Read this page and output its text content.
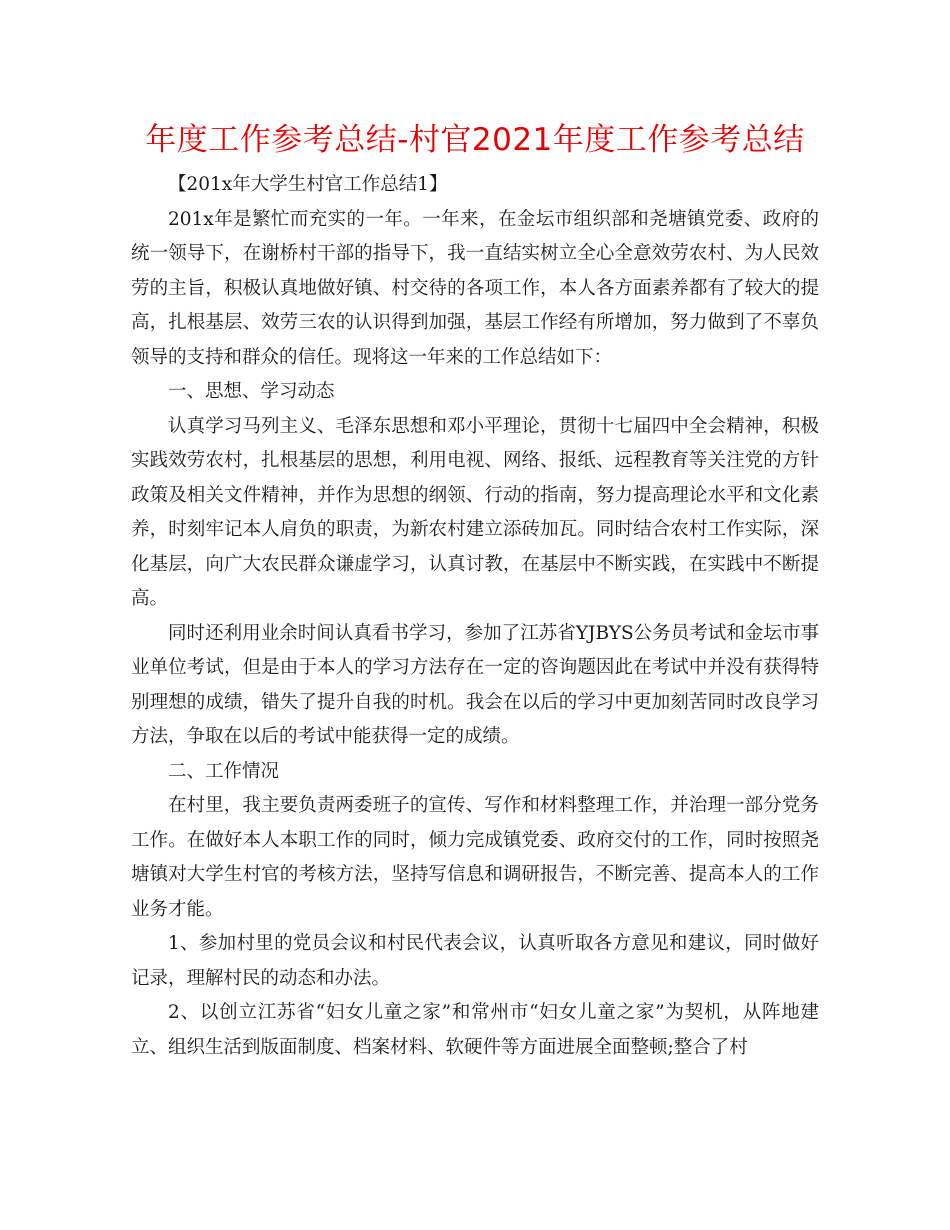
年度工作参考总结-村官2021年度工作参考总结

【201x年大学生村官工作总结1】

201x年是繁忙而充实的一年。一年来，在金坛市组织部和尧塘镇党委、政府的统一领导下，在谢桥村干部的指导下，我一直结实树立全心全意效劳农村、为人民效劳的主旨，积极认真地做好镇、村交待的各项工作，本人各方面素养都有了较大的提高，扎根基层、效劳三农的认识得到加强，基层工作经有所增加，努力做到了不辜负领导的支持和群众的信任。现将这一年来的工作总结如下：

一、思想、学习动态

认真学习马列主义、毛泽东思想和邓小平理论，贯彻十七届四中全会精神，积极实践效劳农村，扎根基层的思想，利用电视、网络、报纸、远程教育等关注党的方针政策及相关文件精神，并作为思想的纲领、行动的指南，努力提高理论水平和文化素养，时刻牢记本人肩负的职责，为新农村建立添砖加瓦。同时结合农村工作实际，深化基层，向广大农民群众谦虚学习，认真讨教，在基层中不断实践，在实践中不断提高。

同时还利用业余时间认真看书学习，参加了江苏省YJBYS公务员考试和金坛市事业单位考试，但是由于本人的学习方法存在一定的咨询题因此在考试中并没有获得特别理想的成绩，错失了提升自我的时机。我会在以后的学习中更加刻苦同时改良学习方法，争取在以后的考试中能获得一定的成绩。

二、工作情况

在村里，我主要负责两委班子的宣传、写作和材料整理工作，并治理一部分党务工作。在做好本人本职工作的同时，倾力完成镇党委、政府交付的工作，同时按照尧塘镇对大学生村官的考核方法，坚持写信息和调研报告，不断完善、提高本人的工作业务才能。

1、参加村里的党员会议和村民代表会议，认真听取各方意见和建议，同时做好记录，理解村民的动态和办法。

2、以创立江苏省“妇女儿童之家”和常州市“妇女儿童之家”为契机，从阵地建立、组织生活到版面制度、档案材料、软硬件等方面进展全面整顿;整合了村
